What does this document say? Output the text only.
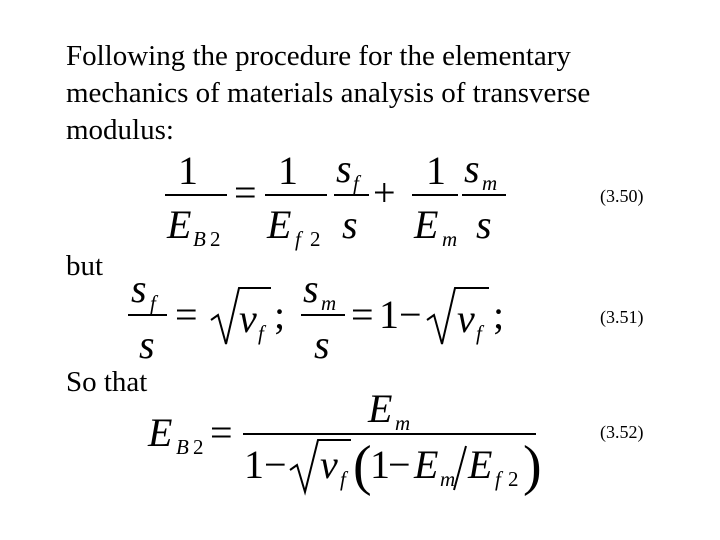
Following the procedure for the elementary mechanics of materials analysis of transverse modulus:
1
E B 2
= 1
E f 2
s f
s
+ 1
E m
s m
s
(3.50)
but s f
s
= v f ;
s m
s
= 1 − v f ;	(3.51)
So that
E B 2 =
E m
1 − v f (
1
− E m E f 2 )
(3.52)
